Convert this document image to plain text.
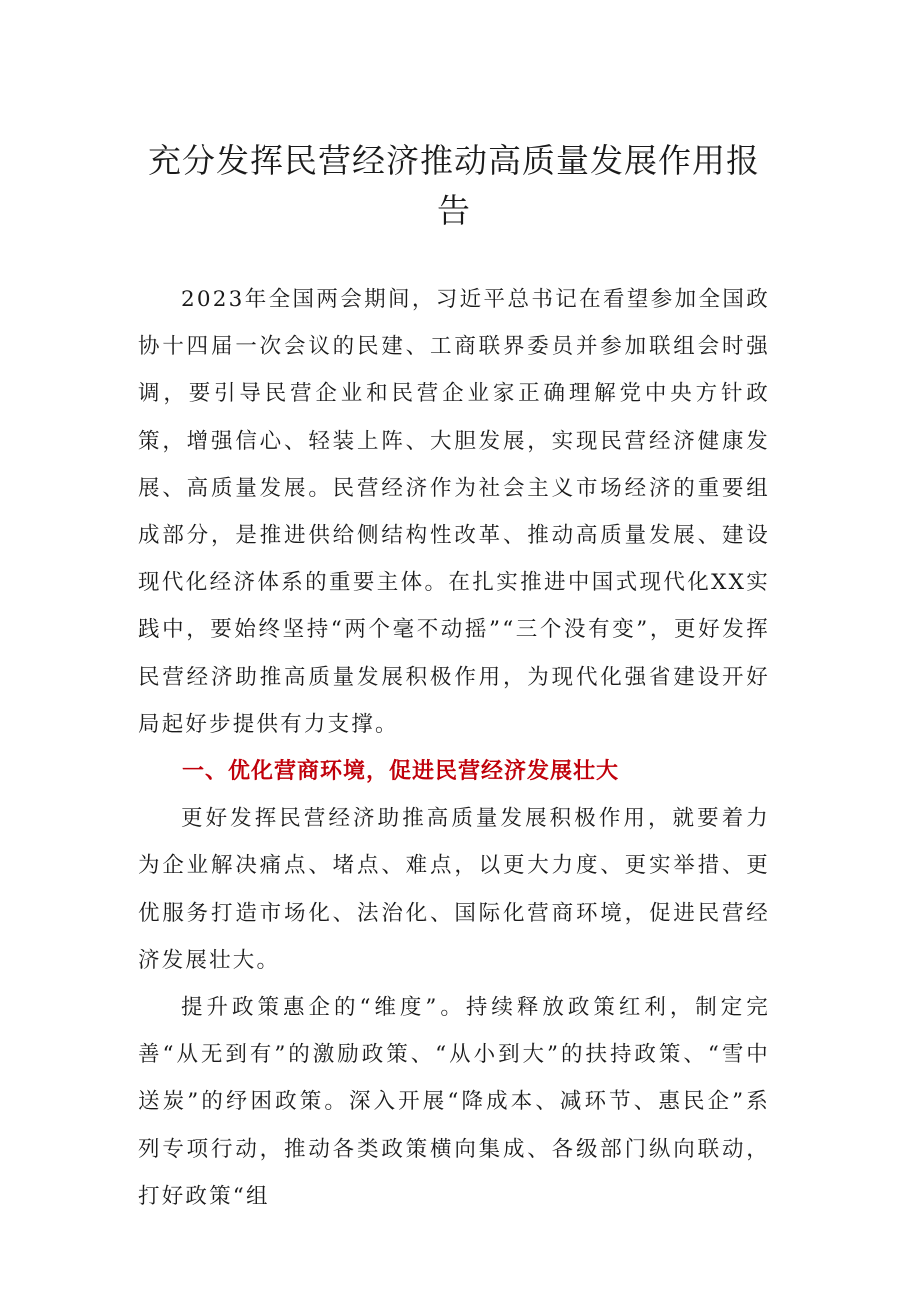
充分发挥民营经济推动高质量发展作用报告

2023年全国两会期间，习近平总书记在看望参加全国政协十四届一次会议的民建、工商联界委员并参加联组会时强调，要引导民营企业和民营企业家正确理解党中央方针政策，增强信心、轻装上阵、大胆发展，实现民营经济健康发展、高质量发展。民营经济作为社会主义市场经济的重要组成部分，是推进供给侧结构性改革、推动高质量发展、建设现代化经济体系的重要主体。在扎实推进中国式现代化XX实践中，要始终坚持“两个毫不动摇”“三个没有变”，更好发挥民营经济助推高质量发展积极作用，为现代化强省建设开好局起好步提供有力支撑。

一、优化营商环境，促进民营经济发展壮大

更好发挥民营经济助推高质量发展积极作用，就要着力为企业解决痛点、堵点、难点，以更大力度、更实举措、更优服务打造市场化、法治化、国际化营商环境，促进民营经济发展壮大。

提升政策惠企的“维度”。持续释放政策红利，制定完善“从无到有”的激励政策、“从小到大”的扶持政策、“雪中送炭”的纾困政策。深入开展“降成本、减环节、惠民企”系列专项行动，推动各类政策横向集成、各级部门纵向联动，打好政策“组
